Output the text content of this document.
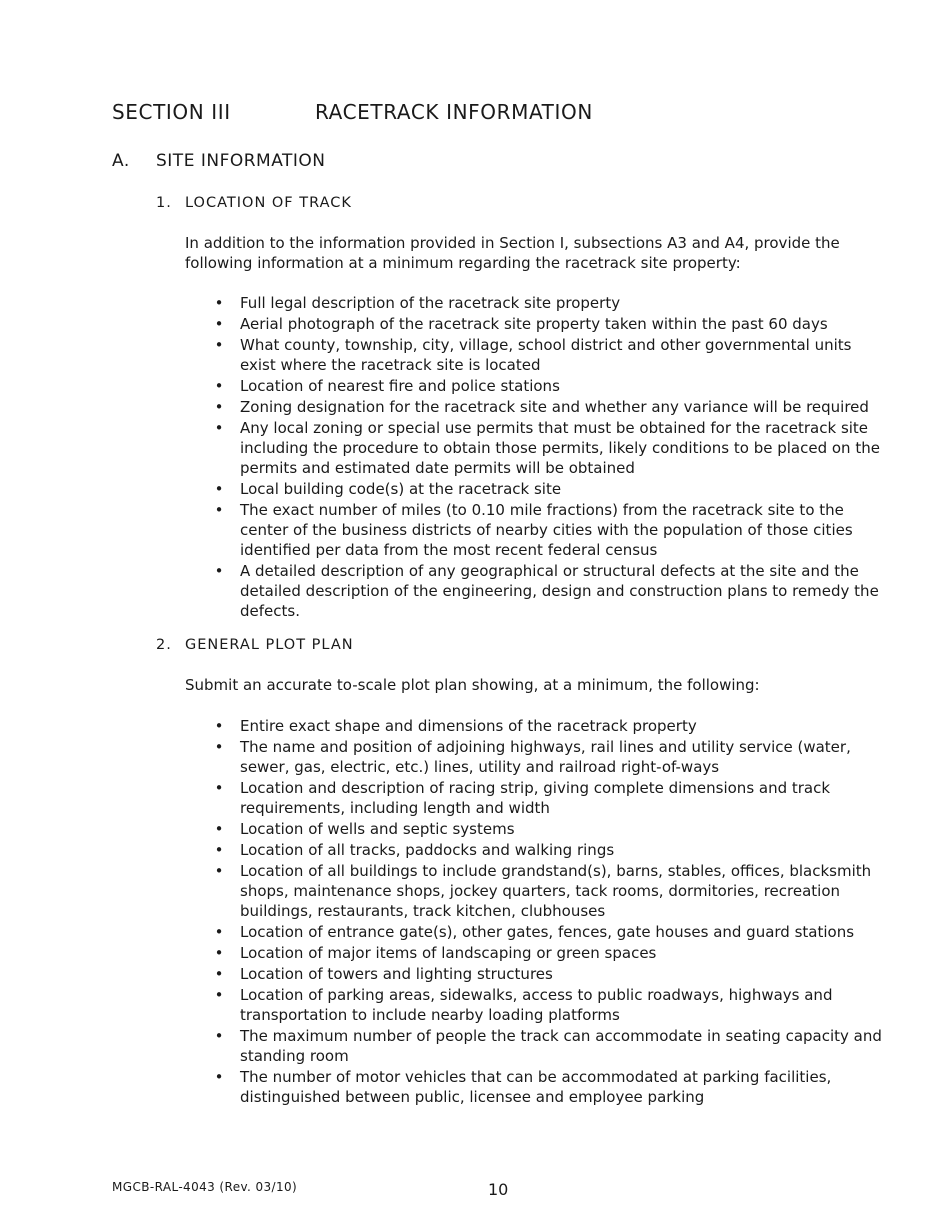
SECTION III	RACETRACK INFORMATION
A. SITE INFORMATION
1. LOCATION OF TRACK
In addition to the information provided in Section I, subsections A3 and A4, provide the following information at a minimum regarding the racetrack site property:
• Full legal description of the racetrack site property
• Aerial photograph of the racetrack site property taken within the past 60 days
• What county, township, city, village, school district and other governmental units exist where the racetrack site is located
• Location of nearest fire and police stations
• Zoning designation for the racetrack site and whether any variance will be required
• Any local zoning or special use permits that must be obtained for the racetrack site including the procedure to obtain those permits, likely conditions to be placed on the permits and estimated date permits will be obtained
• Local building code(s) at the racetrack site
• The exact number of miles (to 0.10 mile fractions) from the racetrack site to the center of the business districts of nearby cities with the population of those cities identified per data from the most recent federal census
• A detailed description of any geographical or structural defects at the site and the detailed description of the engineering, design and construction plans to remedy the defects.
2. GENERAL PLOT PLAN
Submit an accurate to-scale plot plan showing, at a minimum, the following:
• Entire exact shape and dimensions of the racetrack property
• The name and position of adjoining highways, rail lines and utility service (water, sewer, gas, electric, etc.) lines, utility and railroad right-of-ways
• Location and description of racing strip, giving complete dimensions and track requirements, including length and width
• Location of wells and septic systems
• Location of all tracks, paddocks and walking rings
• Location of all buildings to include grandstand(s), barns, stables, offices, blacksmith shops, maintenance shops, jockey quarters, tack rooms, dormitories, recreation buildings, restaurants, track kitchen, clubhouses
• Location of entrance gate(s), other gates, fences, gate houses and guard stations
• Location of major items of landscaping or green spaces
• Location of towers and lighting structures
• Location of parking areas, sidewalks, access to public roadways, highways and transportation to include nearby loading platforms
• The maximum number of people the track can accommodate in seating capacity and standing room
• The number of motor vehicles that can be accommodated at parking facilities, distinguished between public, licensee and employee parking
MGCB-RAL-4043 (Rev. 03/10)	10
